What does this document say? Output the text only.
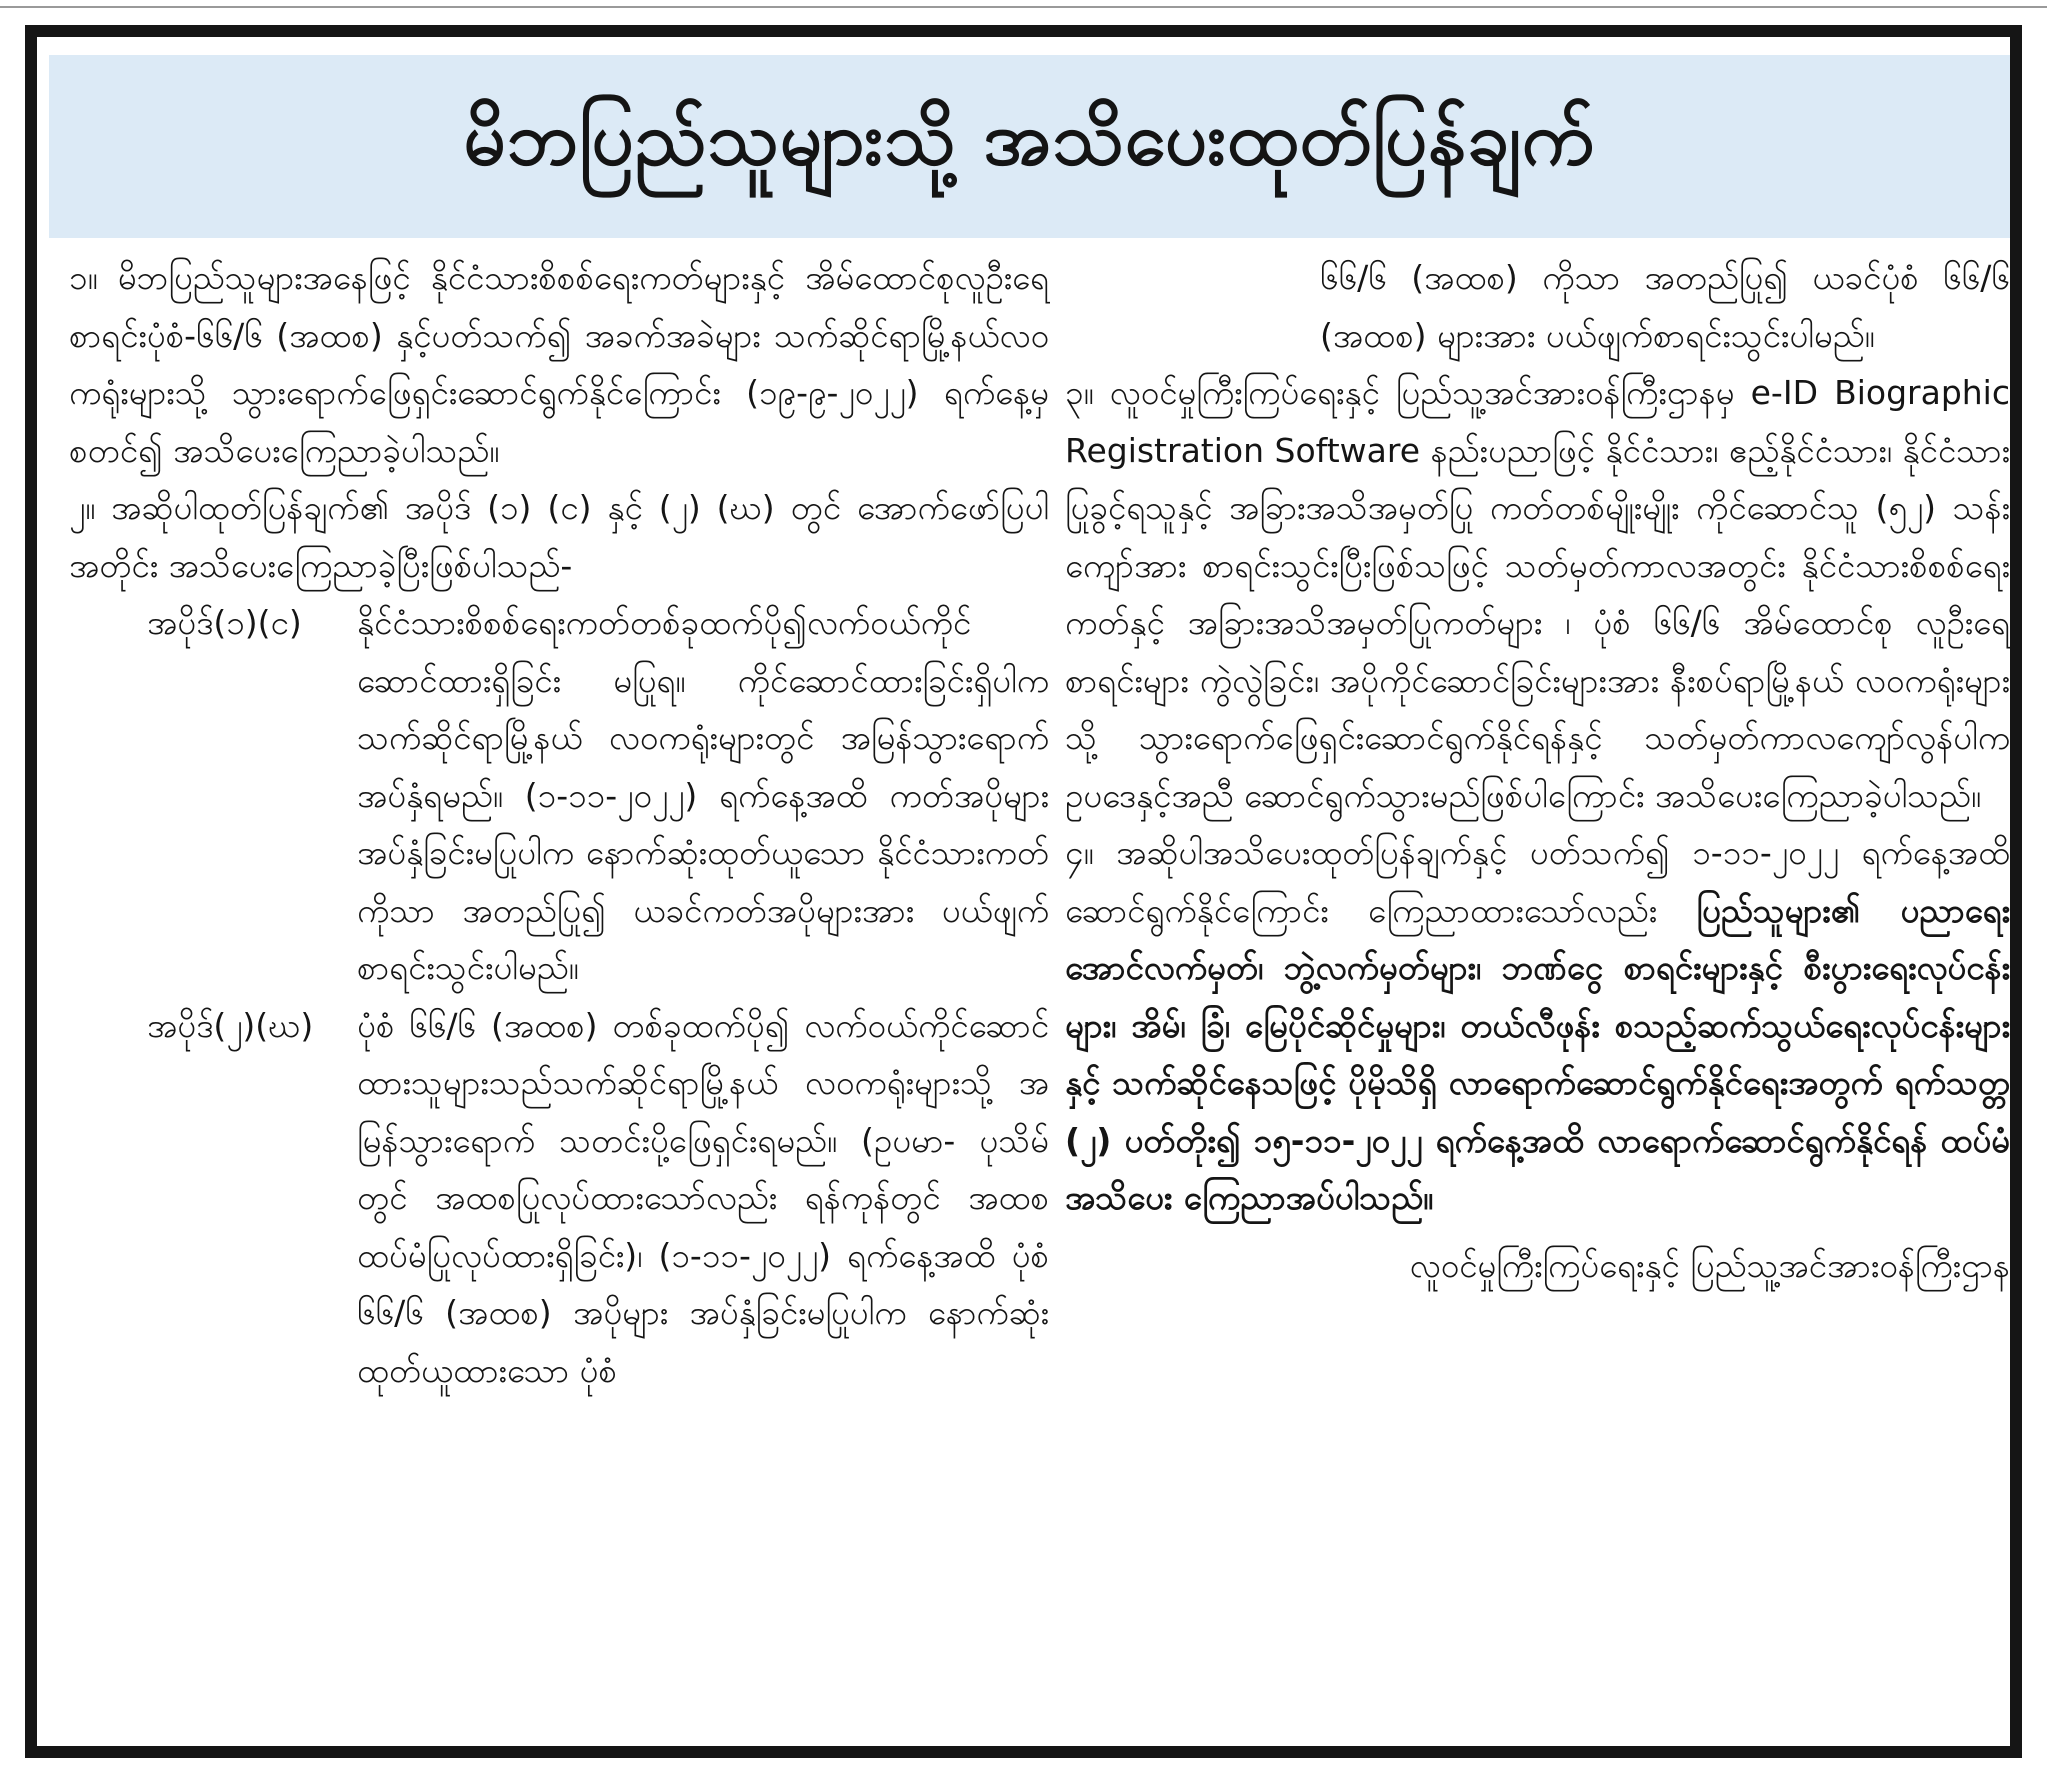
မိဘပြည်သူများသို့ အသိပေးထုတ်ပြန်ချက်

၁။ မိဘပြည်သူများအနေဖြင့် နိုင်ငံသားစိစစ်ရေးကတ်များနှင့် အိမ်ထောင်စုလူဦးရေစာရင်းပုံစံ-၆၆/၆ (အထစ) နှင့်ပတ်သက်၍ အခက်အခဲများ သက်ဆိုင်ရာမြို့နယ်လဝကရုံးများသို့ သွားရောက်ဖြေရှင်းဆောင်ရွက်နိုင်ကြောင်း (၁၉-၉-၂၀၂၂) ရက်နေ့မှစတင်၍ အသိပေးကြေညာခဲ့ပါသည်။

၂။ အဆိုပါထုတ်ပြန်ချက်၏ အပိုဒ် (၁) (င) နှင့် (၂) (ဃ) တွင် အောက်ဖော်ပြပါအတိုင်း အသိပေးကြေညာခဲ့ပြီးဖြစ်ပါသည်-

အပိုဒ်(၁)(င)	နိုင်ငံသားစိစစ်ရေးကတ်တစ်ခုထက်ပို၍လက်ဝယ်ကိုင်ဆောင်ထားရှိခြင်း မပြုရ။ ကိုင်ဆောင်ထားခြင်းရှိပါက သက်ဆိုင်ရာမြို့နယ် လဝကရုံးများတွင် အမြန်သွားရောက်အပ်နှံရမည်။ (၁-၁၁-၂၀၂၂) ရက်နေ့အထိ ကတ်အပိုများ အပ်နှံခြင်းမပြုပါက နောက်ဆုံးထုတ်ယူသော နိုင်ငံသားကတ်ကိုသာ အတည်ပြု၍ ယခင်ကတ်အပိုများအား ပယ်ဖျက်စာရင်းသွင်းပါမည်။
အပိုဒ်(၂)(ဃ)	ပုံစံ ၆၆/၆ (အထစ) တစ်ခုထက်ပို၍ လက်ဝယ်ကိုင်ဆောင်ထားသူများသည်သက်ဆိုင်ရာမြို့နယ် လဝကရုံးများသို့ အမြန်သွားရောက် သတင်းပို့ဖြေရှင်းရမည်။ (ဥပမာ- ပုသိမ်တွင် အထစပြုလုပ်ထားသော်လည်း ရန်ကုန်တွင် အထစထပ်မံပြုလုပ်ထားရှိခြင်း)၊ (၁-၁၁-၂၀၂၂) ရက်နေ့အထိ ပုံစံ ၆၆/၆ (အထစ) အပိုများ အပ်နှံခြင်းမပြုပါက နောက်ဆုံးထုတ်ယူထားသော ပုံစံ

၆၆/၆ (အထစ) ကိုသာ အတည်ပြု၍ ယခင်ပုံစံ ၆၆/၆ (အထစ) များအား ပယ်ဖျက်စာရင်းသွင်းပါမည်။

၃။ လူဝင်မှုကြီးကြပ်ရေးနှင့် ပြည်သူ့အင်အားဝန်ကြီးဌာနမှ e-ID Biographic Registration Software နည်းပညာဖြင့် နိုင်ငံသား၊ ဧည့်နိုင်ငံသား၊ နိုင်ငံသားပြုခွင့်ရသူနှင့် အခြားအသိအမှတ်ပြု ကတ်တစ်မျိုးမျိုး ကိုင်ဆောင်သူ (၅၂) သန်းကျော်အား စာရင်းသွင်းပြီးဖြစ်သဖြင့် သတ်မှတ်ကာလအတွင်း နိုင်ငံသားစိစစ်ရေးကတ်နှင့် အခြားအသိအမှတ်ပြုကတ်များ ၊ ပုံစံ ၆၆/၆ အိမ်ထောင်စု လူဦးရေစာရင်းများ ကွဲလွဲခြင်း၊ အပိုကိုင်ဆောင်ခြင်းများအား နီးစပ်ရာမြို့နယ် လဝကရုံးများသို့ သွားရောက်ဖြေရှင်းဆောင်ရွက်နိုင်ရန်နှင့် သတ်မှတ်ကာလကျော်လွန်ပါက ဥပဒေနှင့်အညီ ဆောင်ရွက်သွားမည်ဖြစ်ပါကြောင်း အသိပေးကြေညာခဲ့ပါသည်။

၄။ အဆိုပါအသိပေးထုတ်ပြန်ချက်နှင့် ပတ်သက်၍ ၁-၁၁-၂၀၂၂ ရက်နေ့အထိ ဆောင်ရွက်နိုင်ကြောင်း ကြေညာထားသော်လည်း ပြည်သူများ၏ ပညာရေးအောင်လက်မှတ်၊ ဘွဲ့လက်မှတ်များ၊ ဘဏ်ငွေ စာရင်းများနှင့် စီးပွားရေးလုပ်ငန်းများ၊ အိမ်၊ ခြံ၊ မြေပိုင်ဆိုင်မှုများ၊ တယ်လီဖုန်း စသည့်ဆက်သွယ်ရေးလုပ်ငန်းများနှင့် သက်ဆိုင်နေသဖြင့် ပိုမိုသိရှိ လာရောက်ဆောင်ရွက်နိုင်ရေးအတွက် ရက်သတ္တ (၂) ပတ်တိုး၍ ၁၅-၁၁-၂၀၂၂ ရက်နေ့အထိ လာရောက်ဆောင်ရွက်နိုင်ရန် ထပ်မံအသိပေး ကြေညာအပ်ပါသည်။

လူဝင်မှုကြီးကြပ်ရေးနှင့် ပြည်သူ့အင်အားဝန်ကြီးဌာန
